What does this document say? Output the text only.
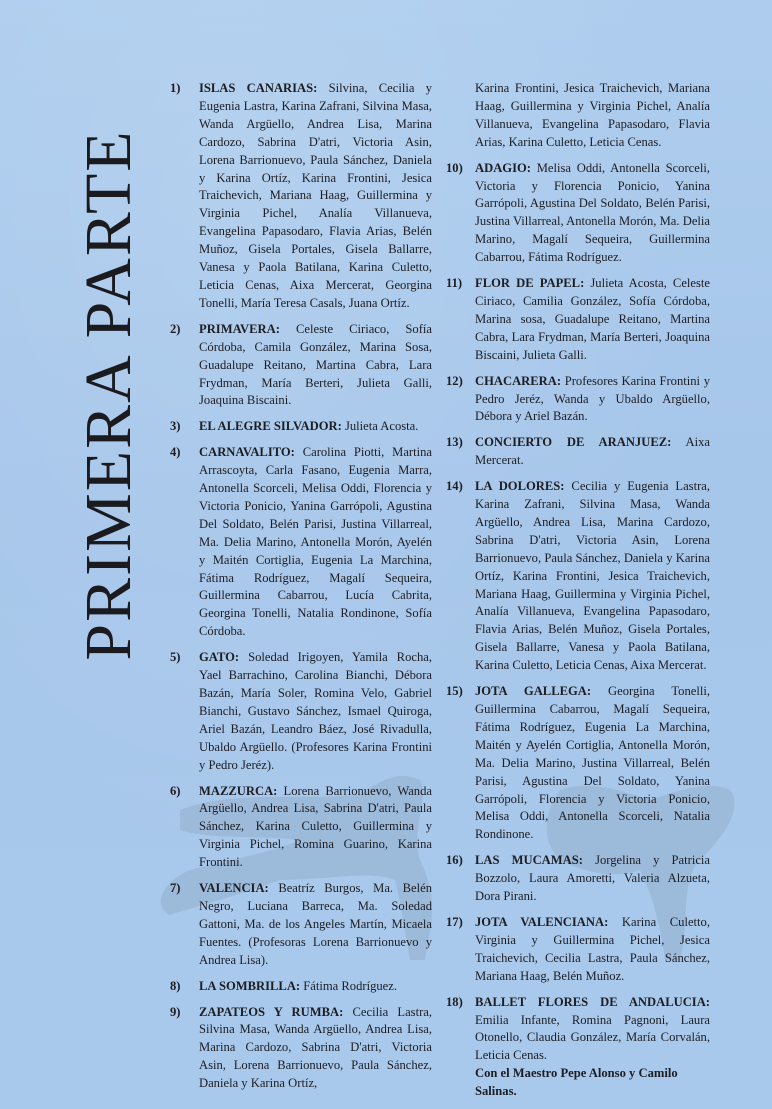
PRIMERA PARTE
1) ISLAS CANARIAS: Silvina, Cecilia y Eugenia Lastra, Karina Zafrani, Silvina Masa, Wanda Argüello, Andrea Lisa, Marina Cardozo, Sabrina D'atri, Victoria Asin, Lorena Barrionuevo, Paula Sánchez, Daniela y Karina Ortíz, Karina Frontini, Jesica Traichevich, Mariana Haag, Guillermina y Virginia Pichel, Analía Villanueva, Evangelina Papasodaro, Flavia Arias, Belén Muñoz, Gisela Portales, Gisela Ballarre, Vanesa y Paola Batilana, Karina Culetto, Leticia Cenas, Aixa Mercerat, Georgina Tonelli, María Teresa Casals, Juana Ortíz.
2) PRIMAVERA: Celeste Ciriaco, Sofía Córdoba, Camila González, Marina Sosa, Guadalupe Reitano, Martina Cabra, Lara Frydman, María Berteri, Julieta Galli, Joaquina Biscaini.
3) EL ALEGRE SILVADOR: Julieta Acosta.
4) CARNAVALITO: Carolina Piotti, Martina Arrascoyta, Carla Fasano, Eugenia Marra, Antonella Scorceli, Melisa Oddi, Florencia y Victoria Ponicio, Yanina Garrópoli, Agustina Del Soldato, Belén Parisi, Justina Villarreal, Ma. Delia Marino, Antonella Morón, Ayelén y Maitén Cortiglia, Eugenia La Marchina, Fátima Rodríguez, Magalí Sequeira, Guillermina Cabarrou, Lucía Cabrita, Georgina Tonelli, Natalia Rondinone, Sofía Córdoba.
5) GATO: Soledad Irigoyen, Yamila Rocha, Yael Barrachino, Carolina Bianchi, Débora Bazán, María Soler, Romina Velo, Gabriel Bianchi, Gustavo Sánchez, Ismael Quiroga, Ariel Bazán, Leandro Báez, José Rivadulla, Ubaldo Argüello. (Profesores Karina Frontini y Pedro Jeréz).
6) MAZZURCA: Lorena Barrionuevo, Wanda Argüello, Andrea Lisa, Sabrina D'atri, Paula Sánchez, Karina Culetto, Guillermina y Virginia Pichel, Romina Guarino, Karina Frontini.
7) VALENCIA: Beatríz Burgos, Ma. Belén Negro, Luciana Barreca, Ma. Soledad Gattoni, Ma. de los Angeles Martín, Micaela Fuentes. (Profesoras Lorena Barrionuevo y Andrea Lisa).
8) LA SOMBRILLA: Fátima Rodríguez.
9) ZAPATEOS Y RUMBA: Cecilia Lastra, Silvina Masa, Wanda Argüello, Andrea Lisa, Marina Cardozo, Sabrina D'atri, Victoria Asin, Lorena Barrionuevo, Paula Sánchez, Daniela y Karina Ortíz,
Karina Frontini, Jesica Traichevich, Mariana Haag, Guillermina y Virginia Pichel, Analía Villanueva, Evangelina Papasodaro, Flavia Arias, Karina Culetto, Leticia Cenas.
10) ADAGIO: Melisa Oddi, Antonella Scorceli, Victoria y Florencia Ponicio, Yanina Garrópoli, Agustina Del Soldato, Belén Parisi, Justina Villarreal, Antonella Morón, Ma. Delia Marino, Magalí Sequeira, Guillermina Cabarrou, Fátima Rodríguez.
11) FLOR DE PAPEL: Julieta Acosta, Celeste Ciriaco, Camilia González, Sofía Córdoba, Marina sosa, Guadalupe Reitano, Martina Cabra, Lara Frydman, María Berteri, Joaquina Biscaini, Julieta Galli.
12) CHACARERA: Profesores Karina Frontini y Pedro Jeréz, Wanda y Ubaldo Argüello, Débora y Ariel Bazán.
13) CONCIERTO DE ARANJUEZ: Aixa Mercerat.
14) LA DOLORES: Cecilia y Eugenia Lastra, Karina Zafrani, Silvina Masa, Wanda Argüello, Andrea Lisa, Marina Cardozo, Sabrina D'atri, Victoria Asin, Lorena Barrionuevo, Paula Sánchez, Daniela y Karina Ortíz, Karina Frontini, Jesica Traichevich, Mariana Haag, Guillermina y Virginia Pichel, Analía Villanueva, Evangelina Papasodaro, Flavia Arias, Belén Muñoz, Gisela Portales, Gisela Ballarre, Vanesa y Paola Batilana, Karina Culetto, Leticia Cenas, Aixa Mercerat.
15) JOTA GALLEGA: Georgina Tonelli, Guillermina Cabarrou, Magalí Sequeira, Fátima Rodríguez, Eugenia La Marchina, Maitén y Ayelén Cortiglia, Antonella Morón, Ma. Delia Marino, Justina Villarreal, Belén Parisi, Agustina Del Soldato, Yanina Garrópoli, Florencia y Victoria Ponicio, Melisa Oddi, Antonella Scorceli, Natalia Rondinone.
16) LAS MUCAMAS: Jorgelina y Patricia Bozzolo, Laura Amoretti, Valeria Alzueta, Dora Pirani.
17) JOTA VALENCIANA: Karina Culetto, Virginia y Guillermina Pichel, Jesica Traichevich, Cecilia Lastra, Paula Sánchez, Mariana Haag, Belén Muñoz.
18) BALLET FLORES DE ANDALUCIA: Emilia Infante, Romina Pagnoni, Laura Otonello, Claudia González, María Corvalán, Leticia Cenas.
Con el Maestro Pepe Alonso y Camilo Salinas.
